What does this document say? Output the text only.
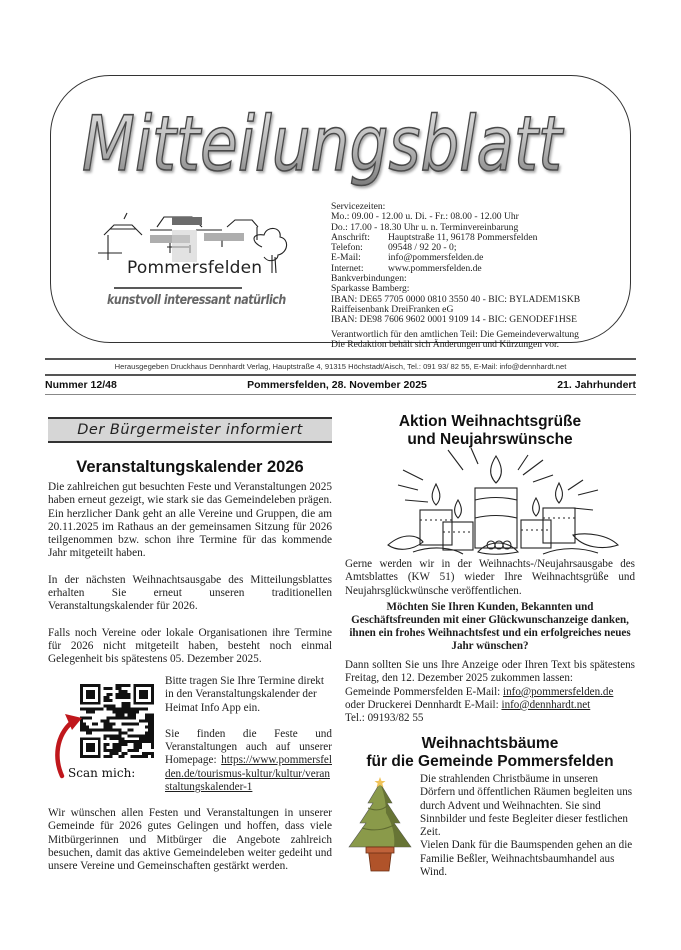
Mitteilungsblatt
Pommersfelden
kunstvoll interessant natürlich
Servicezeiten:
Mo.: 09.00 - 12.00 u. Di. - Fr.: 08.00 - 12.00 Uhr
Do.: 17.00 - 18.30 Uhr u. n. Terminvereinbarung
Anschrift:	Hauptstraße 11, 96178 Pommersfelden
Telefon:	09548 / 92 20 - 0;
E-Mail:	info@pommersfelden.de
Internet:	www.pommersfelden.de
Bankverbindungen:
Sparkasse Bamberg:
IBAN: DE65 7705 0000 0810 3550 40 - BIC: BYLADEM1SKB
Raiffeisenbank DreiFranken eG
IBAN: DE98 7606 9602 0001 9109 14 - BIC: GENODEF1HSE
Verantwortlich für den amtlichen Teil: Die Gemeindeverwaltung
Die Redaktion behält sich Änderungen und Kürzungen vor.
Herausgegeben Druckhaus Dennhardt Verlag, Hauptstraße 4, 91315 Höchstadt/Aisch, Tel.: 091 93/ 82 55, E-Mail: info@dennhardt.net
Nummer 12/48	Pommersfelden, 28. November 2025	21. Jahrhundert
Der Bürgermeister informiert
Veranstaltungskalender 2026

Die zahlreichen gut besuchten Feste und Veranstaltungen 2025 haben erneut gezeigt, wie stark sie das Gemeindeleben prägen. Ein herzlicher Dank geht an alle Vereine und Gruppen, die am 20.11.2025 im Rathaus an der gemeinsamen Sitzung für 2026 teilgenommen bzw. schon ihre Termine für das kommende Jahr mitgeteilt haben.

In der nächsten Weihnachtsausgabe des Mitteilungsblattes erhalten Sie erneut unseren traditionellen Veranstaltungskalender für 2026.

Falls noch Vereine oder lokale Organisationen ihre Termine für 2026 nicht mitgeteilt haben, besteht noch einmal Gelegenheit bis spätestens 05. Dezember 2025.

Scan mich:

Bitte tragen Sie Ihre Termine direkt in den Veranstaltungskalender der Heimat Info App ein.

Sie finden die Feste und Veranstaltungen auch auf unserer Homepage: https://www.pommersfelden.de/tourismus-kultur/kultur/veranstaltungskalender-1

Wir wünschen allen Festen und Veranstaltungen in unserer Gemeinde für 2026 gutes Gelingen und hoffen, dass viele Mitbürgerinnen und Mitbürger die Angebote zahlreich besuchen, damit das aktive Gemeindeleben weiter gedeiht und unsere Vereine und Gemeinschaften gestärkt werden.
Aktion Weihnachtsgrüße
und Neujahrswünsche
Gerne werden wir in der Weihnachts-/Neujahrsausgabe des Amtsblattes (KW 51) wieder Ihre Weihnachtsgrüße und Neujahrsglückwünsche veröffentlichen.
Möchten Sie Ihren Kunden, Bekannten und Geschäftsfreunden mit einer Glückwunschanzeige danken, ihnen ein frohes Weihnachtsfest und ein erfolgreiches neues Jahr wünschen?
Dann sollten Sie uns Ihre Anzeige oder Ihren Text bis spätestens Freitag, den 12. Dezember 2025 zukommen lassen:
Gemeinde Pommersfelden E-Mail: info@pommersfelden.de
oder Druckerei Dennhardt E-Mail: info@dennhardt.net
Tel.: 09193/82 55
Weihnachtsbäume
für die Gemeinde Pommersfelden
Die strahlenden Christbäume in unseren Dörfern und öffentlichen Räumen begleiten uns durch Advent und Weihnachten. Sie sind Sinnbilder und feste Begleiter dieser festlichen Zeit.
Vielen Dank für die Baumspenden gehen an die Familie Beßler, Weihnachtsbaumhandel aus Wind.
